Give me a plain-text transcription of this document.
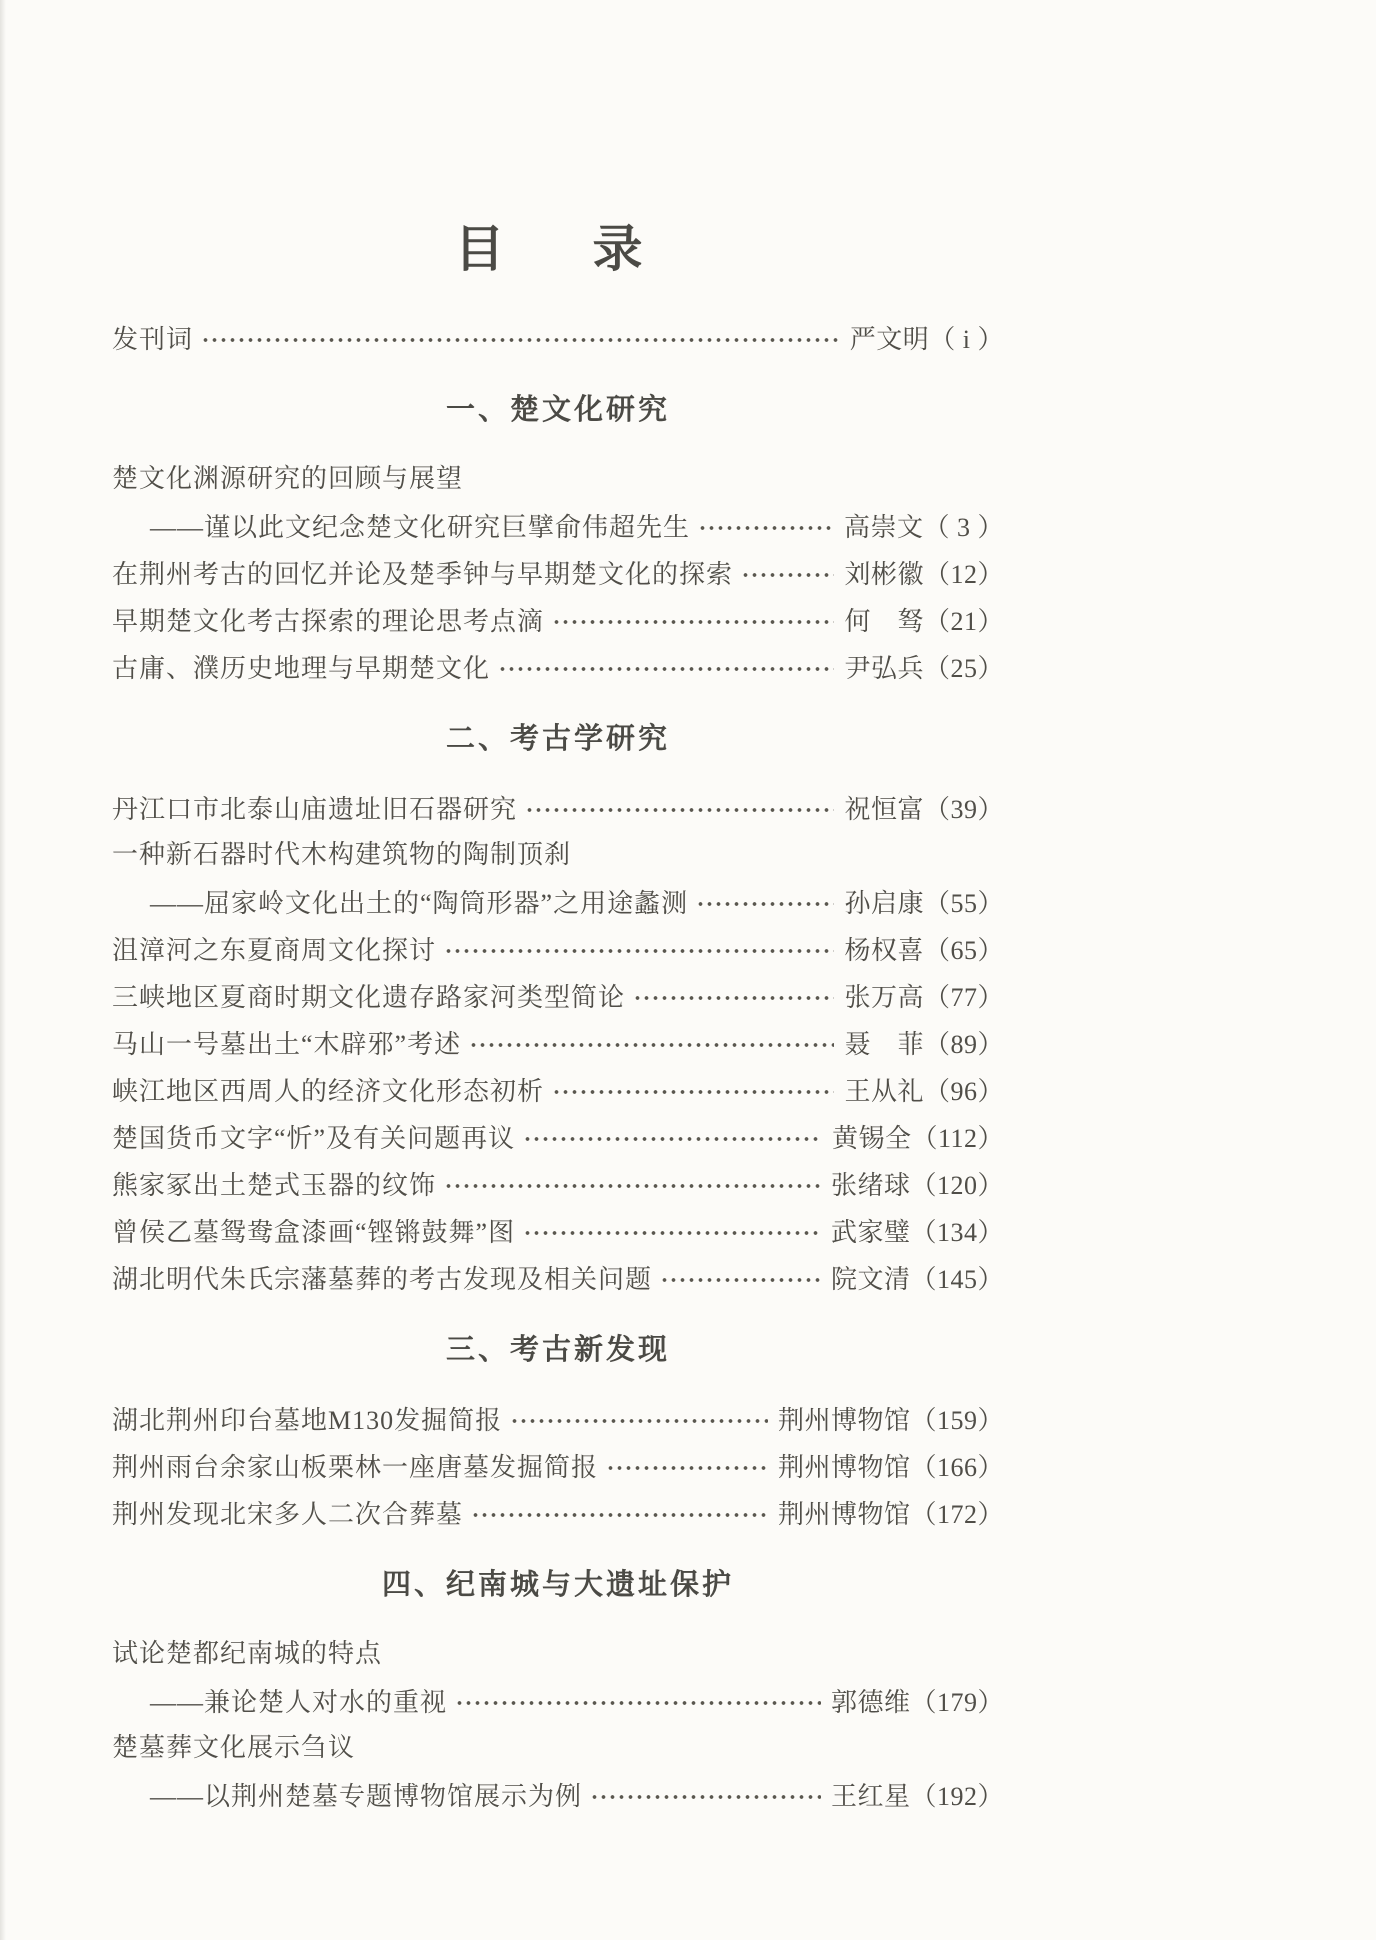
目　录
发刊词	严文明（ i ）
一、楚文化研究
楚文化渊源研究的回顾与展望
——谨以此文纪念楚文化研究巨擘俞伟超先生	高崇文（ 3 ）
在荆州考古的回忆并论及楚季钟与早期楚文化的探索	刘彬徽（12）
早期楚文化考古探索的理论思考点滴	何　驽（21）
古庸、濮历史地理与早期楚文化	尹弘兵（25）
二、考古学研究
丹江口市北泰山庙遗址旧石器研究	祝恒富（39）
一种新石器时代木构建筑物的陶制顶刹
——屈家岭文化出土的“陶筒形器”之用途蠡测	孙启康（55）
沮漳河之东夏商周文化探讨	杨权喜（65）
三峡地区夏商时期文化遗存路家河类型简论	张万高（77）
马山一号墓出土“木辟邪”考述	聂　菲（89）
峡江地区西周人的经济文化形态初析	王从礼（96）
楚国货币文字“忻”及有关问题再议	黄锡全（112）
熊家冢出土楚式玉器的纹饰	张绪球（120）
曾侯乙墓鸳鸯盒漆画“铿锵鼓舞”图	武家璧（134）
湖北明代朱氏宗藩墓葬的考古发现及相关问题	院文清（145）
三、考古新发现
湖北荆州印台墓地M130发掘简报	荆州博物馆（159）
荆州雨台余家山板栗林一座唐墓发掘简报	荆州博物馆（166）
荆州发现北宋多人二次合葬墓	荆州博物馆（172）
四、纪南城与大遗址保护
试论楚都纪南城的特点
——兼论楚人对水的重视	郭德维（179）
楚墓葬文化展示刍议
——以荆州楚墓专题博物馆展示为例	王红星（192）
